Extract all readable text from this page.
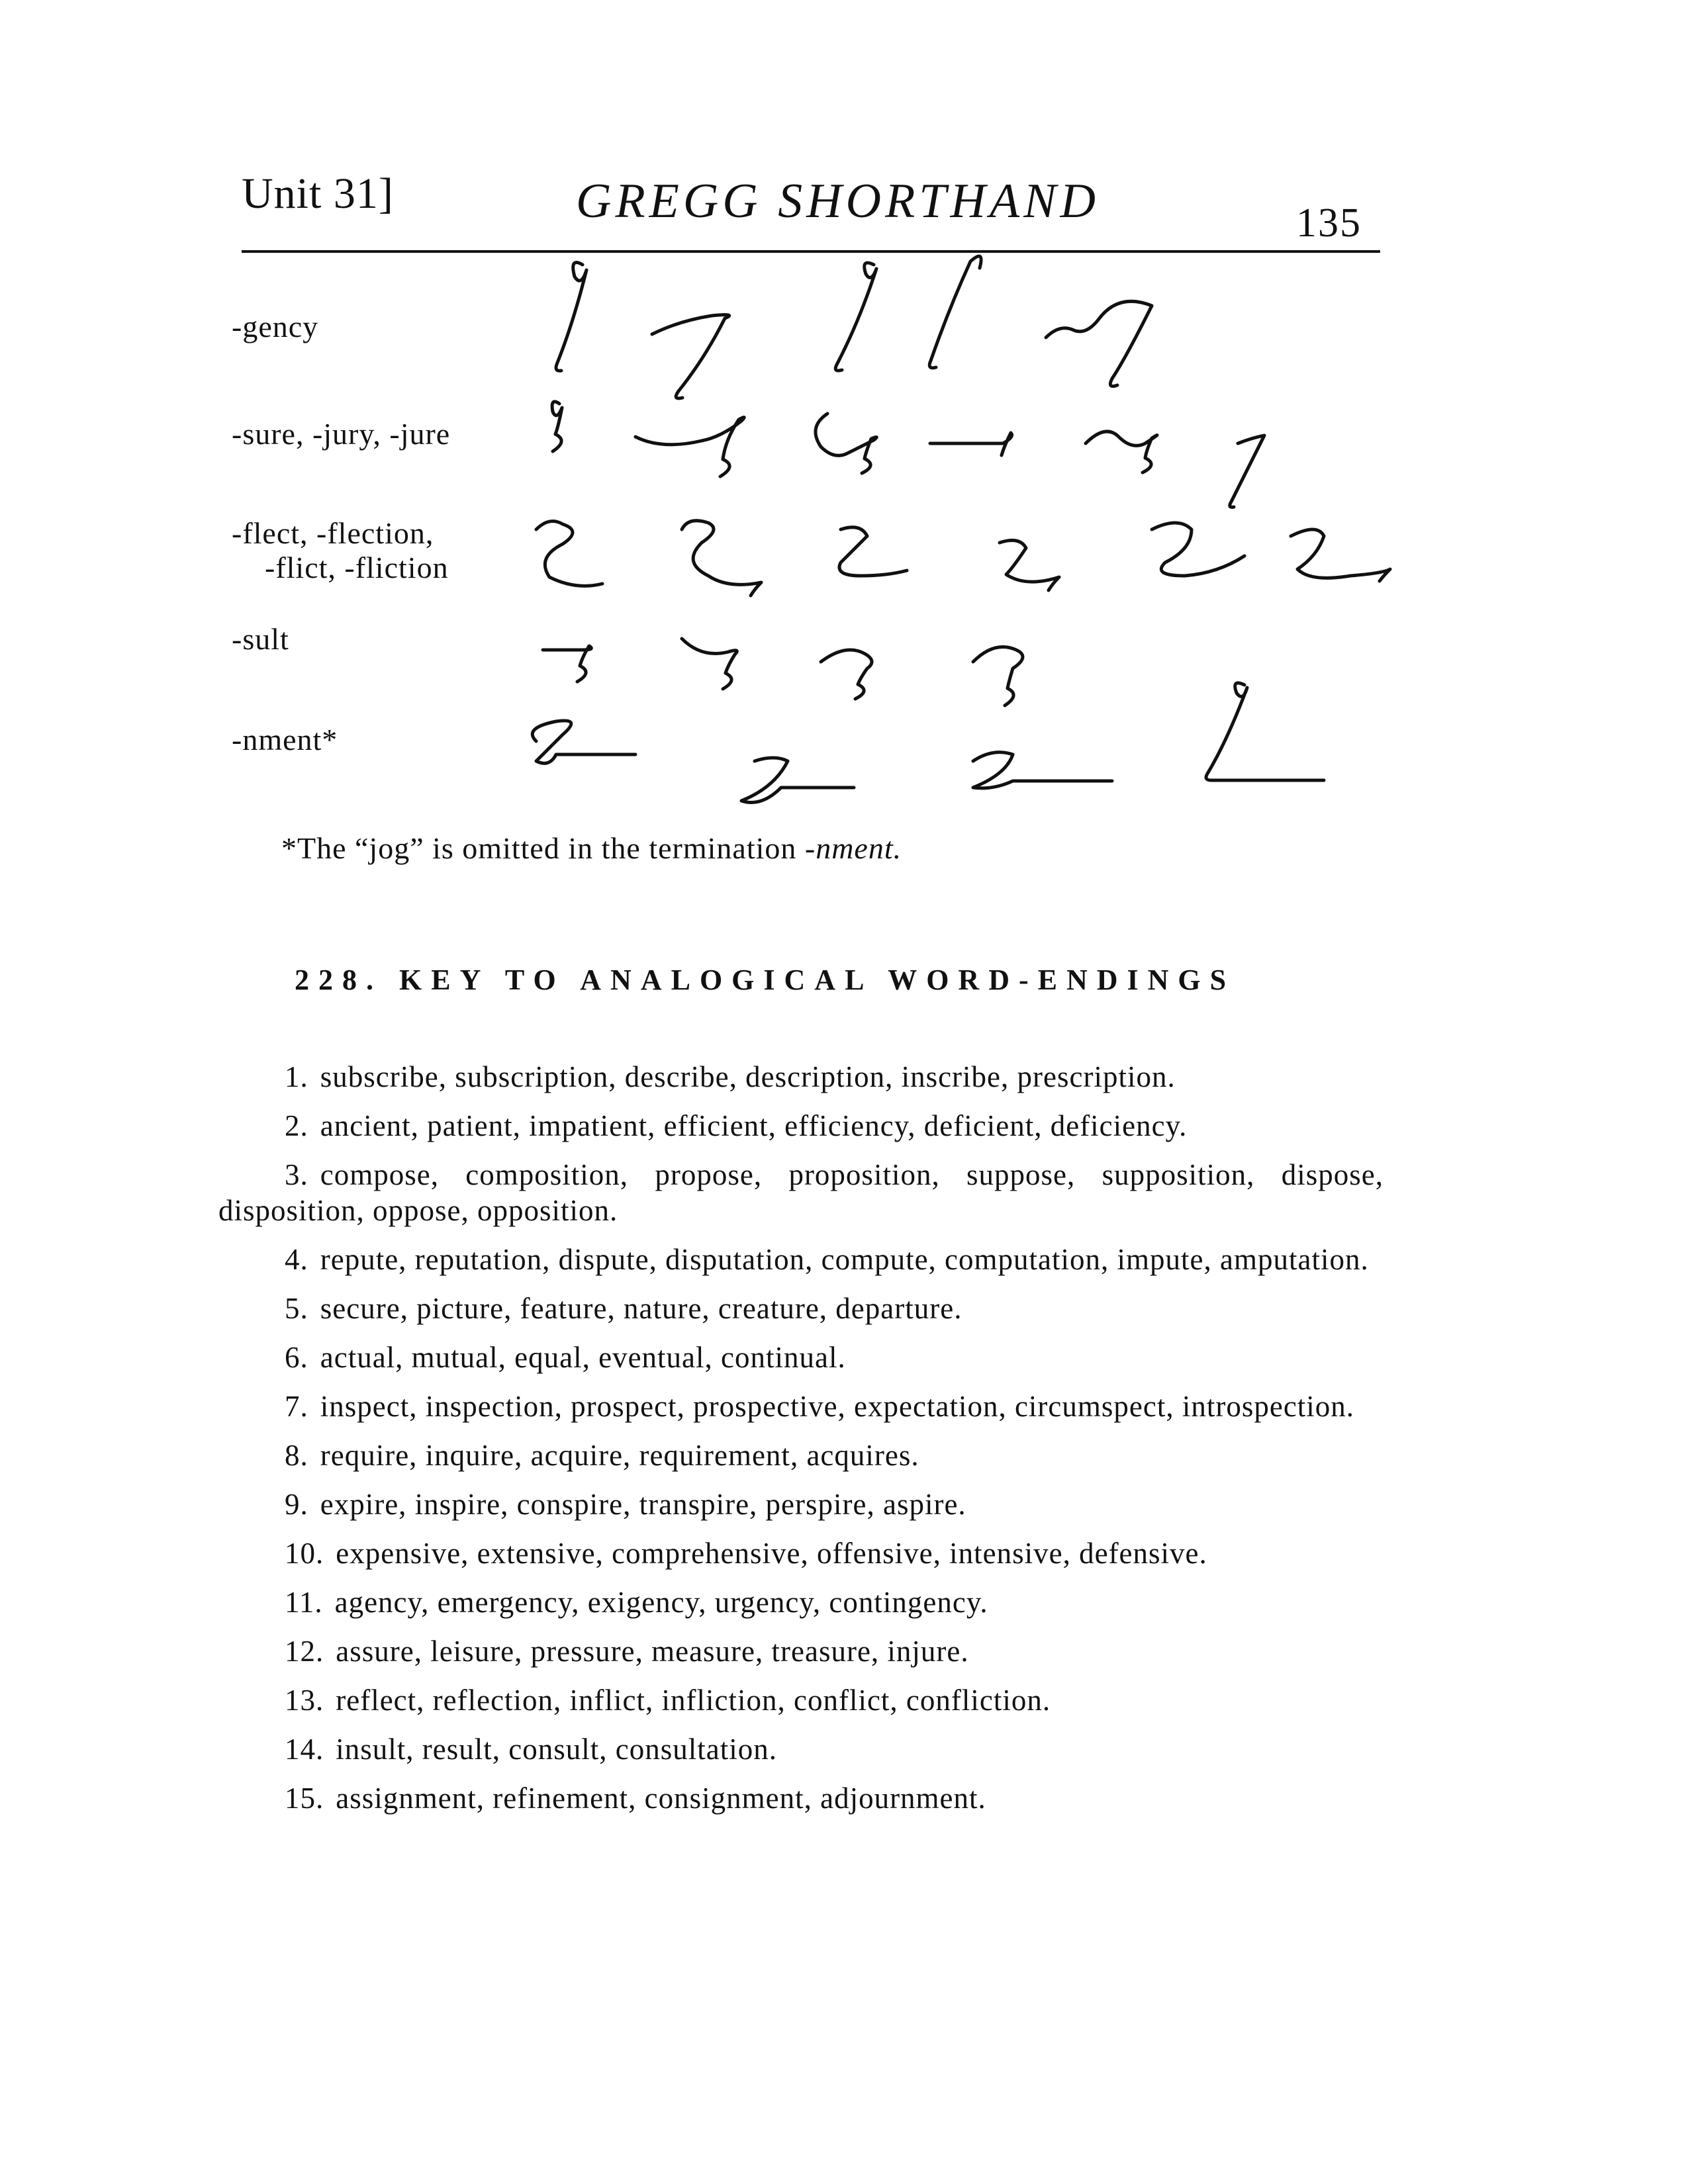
Unit 31]	GREGG SHORTHAND	135
-gency
-sure, -jury, -jure
-flect, -flection,
-flict, -fliction
-sult
-nment*
*The “jog” is omitted in the termination -nment.
228. KEY TO ANALOGICAL WORD-ENDINGS
1. subscribe, subscription, describe, description, inscribe, prescription.
2. ancient, patient, impatient, efficient, efficiency, deficient, deficiency.
3. compose, composition, propose, proposition, suppose, supposition, dispose, disposition, oppose, opposition.
4. repute, reputation, dispute, disputation, compute, computation, impute, amputation.
5. secure, picture, feature, nature, creature, departure.
6. actual, mutual, equal, eventual, continual.
7. inspect, inspection, prospect, prospective, expectation, circumspect, introspection.
8. require, inquire, acquire, requirement, acquires.
9. expire, inspire, conspire, transpire, perspire, aspire.
10. expensive, extensive, comprehensive, offensive, intensive, defensive.
11. agency, emergency, exigency, urgency, contingency.
12. assure, leisure, pressure, measure, treasure, injure.
13. reflect, reflection, inflict, infliction, conflict, confliction.
14. insult, result, consult, consultation.
15. assignment, refinement, consignment, adjournment.
